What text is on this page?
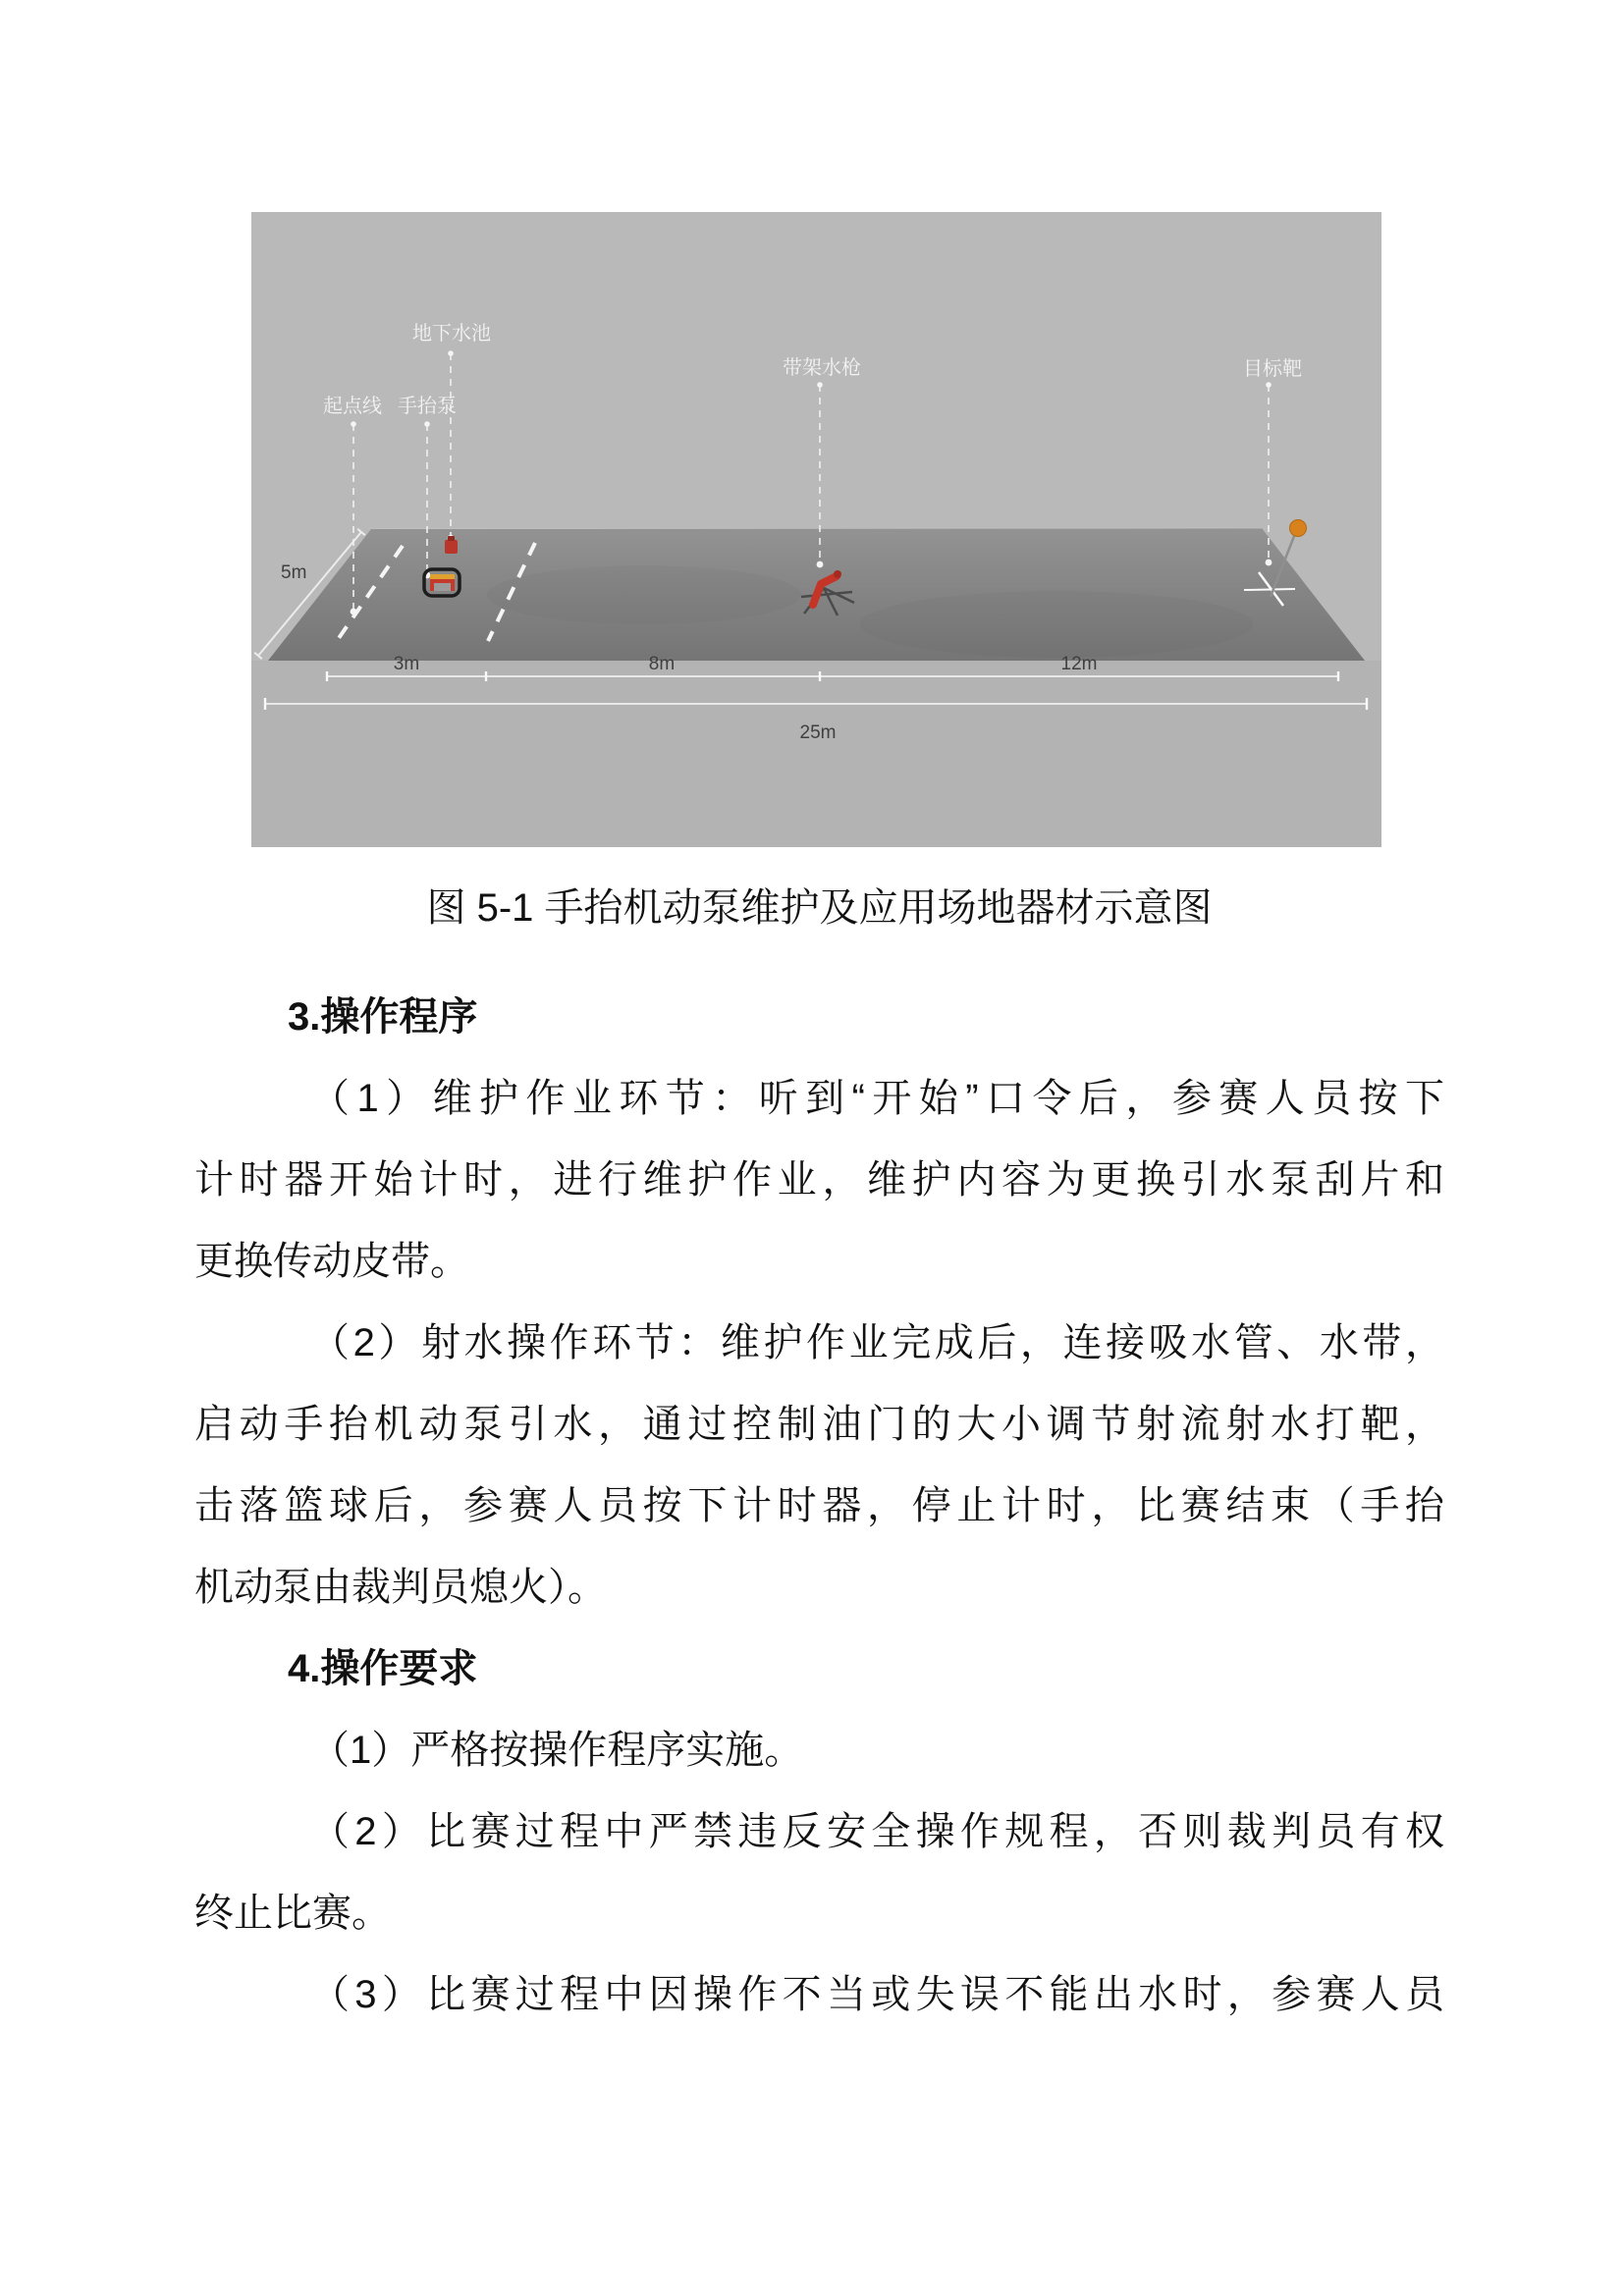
5m
起点线 手抬泵
地下水池
带架水枪	目标靶
3m	8m	12m
25m
图 5-1 手抬机动泵维护及应用场地器材示意图
3.操作程序
（1）维护作业环节：听到“开始”口令后，参赛人员按下
计时器开始计时，进行维护作业，维护内容为更换引水泵刮片和
更换传动皮带。
（2）射水操作环节：维护作业完成后，连接吸水管、水带，
启动手抬机动泵引水，通过控制油门的大小调节射流射水打靶，
击落篮球后，参赛人员按下计时器，停止计时，比赛结束（手抬
机动泵由裁判员熄火）。
4.操作要求
（1）严格按操作程序实施。
（2）比赛过程中严禁违反安全操作规程，否则裁判员有权
终止比赛。
（3）比赛过程中因操作不当或失误不能出水时，参赛人员
